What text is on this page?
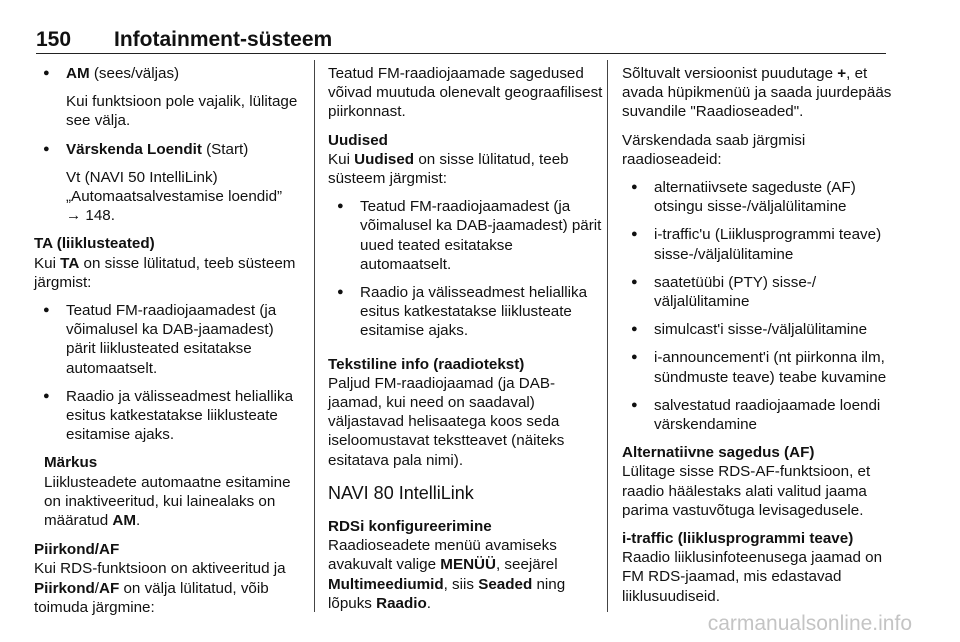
150 Infotainment-süsteem
● AM (sees/väljas)

Kui funktsioon pole vajalik, lülitage see välja.

● Värskenda Loendit (Start)

Vt (NAVI 50 IntelliLink) „Automaatsalvestamise loendid”
→ 148.

TA (liiklusteated)

Kui TA on sisse lülitatud, teeb süsteem järgmist:

● Teatud FM-raadiojaamadest (ja võimalusel ka DAB-jaamadest) pärit liiklusteated esitatakse automaatselt.
● Raadio ja välisseadmest heliallika esitus katkestatakse liiklusteate esitamise ajaks.
Märkus
Liiklusteadete automaatne esitamine on inaktiveeritud, kui lainealaks on määratud AM.
Piirkond/AF

Kui RDS-funktsioon on aktiveeritud ja Piirkond/AF on välja lülitatud, võib toimuda järgmine:

Teatud FM-raadiojaamade sagedused võivad muutuda olenevalt geograafilisest piirkonnast.

Uudised

Kui Uudised on sisse lülitatud, teeb süsteem järgmist:

● Teatud FM-raadiojaamadest (ja võimalusel ka DAB-jaamadest) pärit uued teated esitatakse automaatselt.
● Raadio ja välisseadmest heliallika esitus katkestatakse liiklusteate esitamise ajaks.
Tekstiline info (raadiotekst)

Paljud FM-raadiojaamad (ja DAB-jaamad, kui need on saadaval) väljastavad helisaatega koos seda iseloomustavat tekstteavet (näiteks esitatava pala nimi).

NAVI 80 IntelliLink
RDSi konfigureerimine

Raadioseadete menüü avamiseks avakuvalt valige MENÜÜ, seejärel Multimeediumid, siis Seaded ning lõpuks Raadio.

Sõltuvalt versioonist puudutage +, et avada hüpikmenüü ja saada juurdepääs suvandile "Raadioseaded".

Värskendada saab järgmisi raadioseadeid:

● alternatiivsete sageduste (AF) otsingu sisse-/väljalülitamine
● i-traffic'u (Liiklusprogrammi teave) sisse-/väljalülitamine
● saatetüübi (PTY) sisse-/ väljalülitamine
● simulcast'i sisse-/väljalülitamine
● i-announcement'i (nt piirkonna ilm, sündmuste teave) teabe kuvamine
● salvestatud raadiojaamade loendi värskendamine
Alternatiivne sagedus (AF)

Lülitage sisse RDS-AF-funktsioon, et raadio häälestaks alati valitud jaama parima vastuvõtuga levisagedusele.

i-traffic (liiklusprogrammi teave)

Raadio liiklusinfoteenusega jaamad on FM RDS-jaamad, mis edastavad liiklusuudiseid.

carmanualsonline.info
